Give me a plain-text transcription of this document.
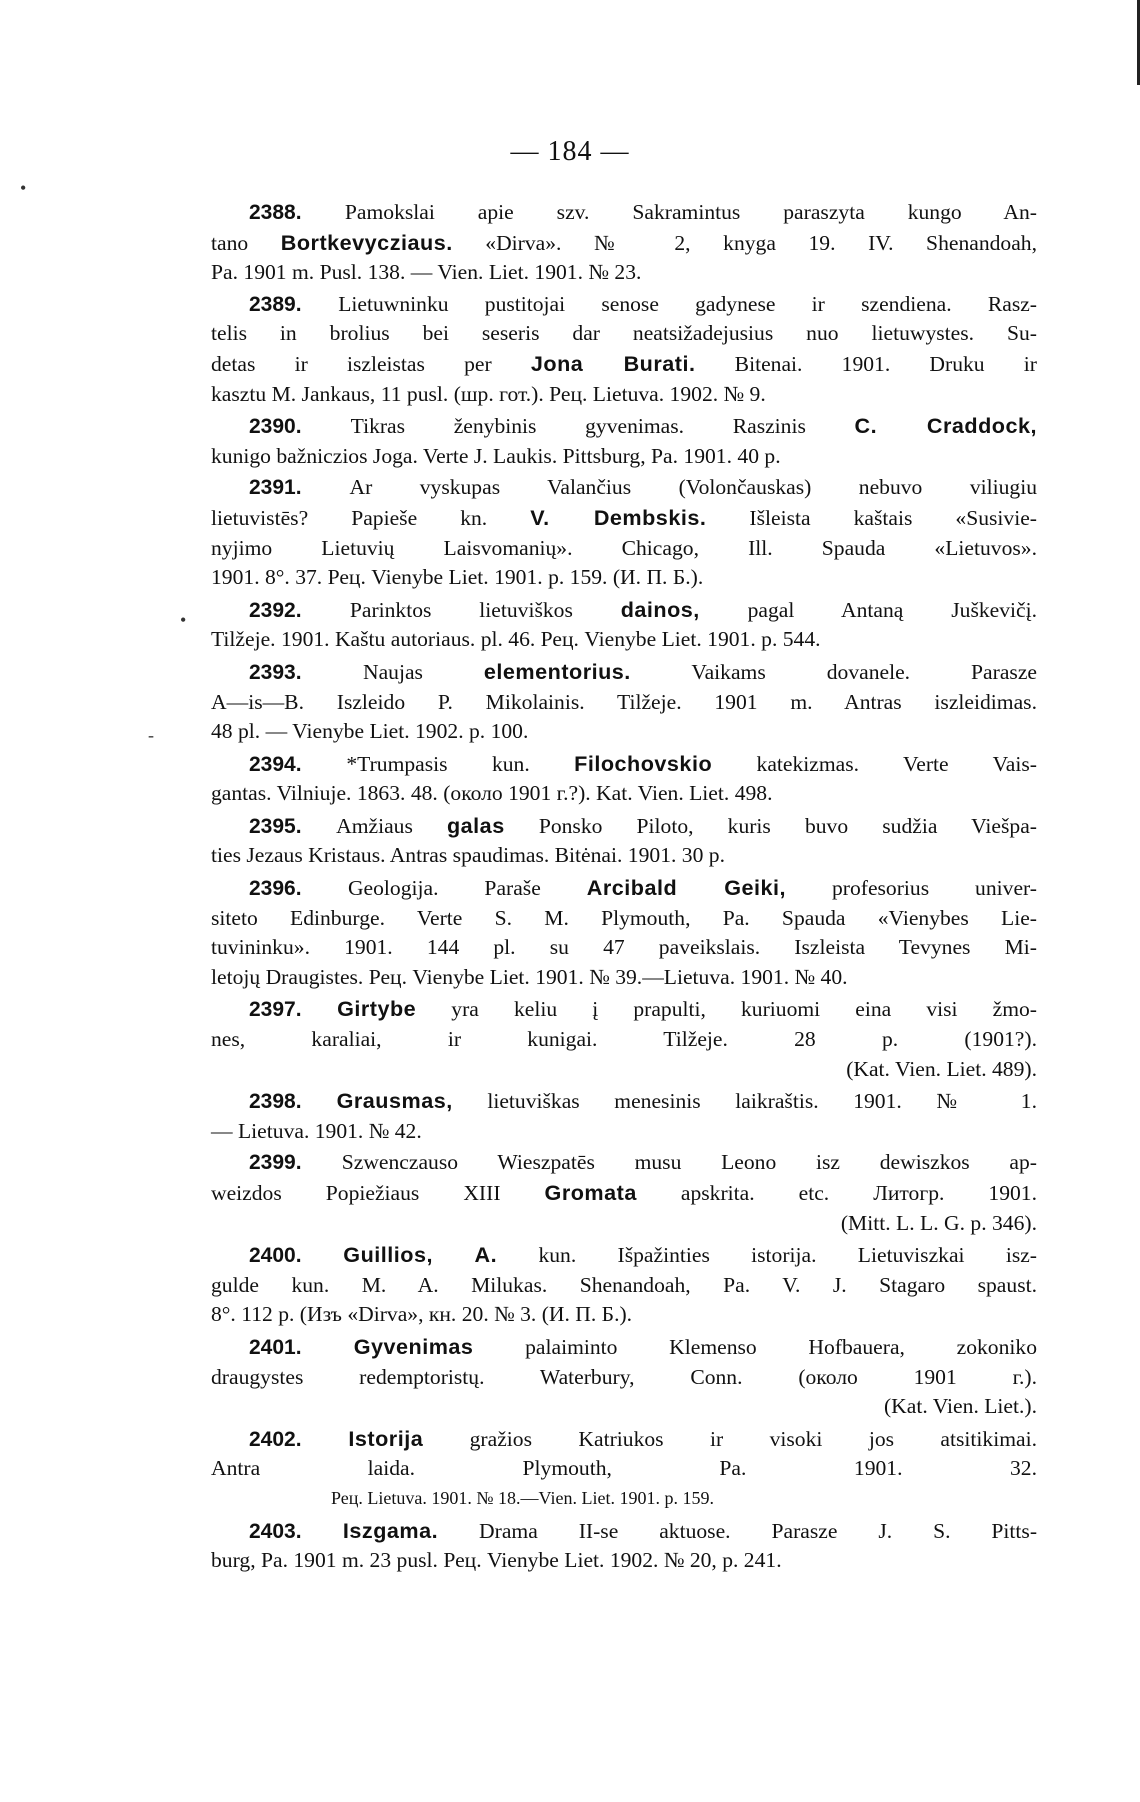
— 184 —
•
•
-
2388. Pamokslai apie szv. Sakramintus paraszyta kungo An-
tano Bortkevycziaus. «Dirva». № 2, knyga 19. IV. Shenandoah,
Pa. 1901 m. Pusl. 138. — Vien. Liet. 1901. № 23.
2389. Lietuwninku pustitojai senose gadynese ir szendiena. Rasz-
telis in brolius bei seseris dar neatsižadejusius nuo lietuwystes. Su-
detas ir iszleistas per Jona Burati. Bitenai. 1901. Druku ir
kasztu M. Jankaus, 11 pusl. (шр. гот.). Рец. Lietuva. 1902. № 9.
2390. Tikras ženybinis gyvenimas. Raszinis C. Craddock,
kunigo bažniczios Joga. Verte J. Laukis. Pittsburg, Pa. 1901. 40 p.
2391. Ar vyskupas Valančius (Volončauskas) nebuvo viliugiu
lietuvistēs? Papieše kn. V. Dembskis. Išleista kaštais «Susivie-
nyjimo Lietuvių Laisvomanių». Chicago, Ill. Spauda «Lietuvos».
1901. 8°. 37. Рец. Vienybe Liet. 1901. p. 159. (И. П. Б.).
2392. Parinktos lietuviškos dainos, pagal Antaną Juškevičį.
Tilžeje. 1901. Kaštu autoriaus. pl. 46. Рец. Vienybe Liet. 1901. p. 544.
2393. Naujas elementorius. Vaikams dovanele. Parasze
A—is—B. Iszleido P. Mikolainis. Tilžeje. 1901 m. Antras iszleidimas.
48 pl. — Vienybe Liet. 1902. p. 100.
2394. *Trumpasis kun. Filochovskio katekizmas. Verte Vais-
gantas. Vilniuje. 1863. 48. (около 1901 г.?). Kat. Vien. Liet. 498.
2395. Amžiaus galas Ponsko Piloto, kuris buvo sudžia Viešpa-
ties Jezaus Kristaus. Antras spaudimas. Bitėnai. 1901. 30 p.
2396. Geologija. Paraše Arcibald Geiki, profesorius univer-
siteto Edinburge. Verte S. M. Plymouth, Pa. Spauda «Vienybes Lie-
tuvininku». 1901. 144 pl. su 47 paveikslais. Iszleista Tevynes Mi-
letojų Draugistes. Рец. Vienybe Liet. 1901. № 39.—Lietuva. 1901. № 40.
2397. Girtybe yra keliu į prapulti, kuriuomi eina visi žmo-
nes, karaliai, ir kunigai. Tilžeje. 28 p. (1901?).
(Kat. Vien. Liet. 489).
2398. Grausmas, lietuviškas menesinis laikraštis. 1901. № 1.
— Lietuva. 1901. № 42.
2399. Szwenczauso Wieszpatēs musu Leono isz dewiszkos ap-
weizdos Popiežiaus XIII Gromata apskrita. etc. Литогр. 1901.
(Mitt. L. L. G. p. 346).
2400. Guillios, A. kun. Išpažinties istorija. Lietuviszkai isz-
gulde kun. M. A. Milukas. Shenandoah, Pa. V. J. Stagaro spaust.
8°. 112 p. (Изъ «Dirva», кн. 20. № 3. (И. П. Б.).
2401. Gyvenimas palaiminto Klemenso Hofbauera, zokoniko
draugystes redemptoristų. Waterbury, Conn. (около 1901 г.).
(Kat. Vien. Liet.).
2402. Istorija gražios Katriukos ir visoki jos atsitikimai.
Antra laida. Plymouth, Pa. 1901. 32.
Рец. Lietuva. 1901. № 18.—Vien. Liet. 1901. p. 159.
2403. Iszgama. Drama II-se aktuose. Parasze J. S. Pitts-
burg, Pa. 1901 m. 23 pusl. Рец. Vienybe Liet. 1902. № 20, p. 241.
